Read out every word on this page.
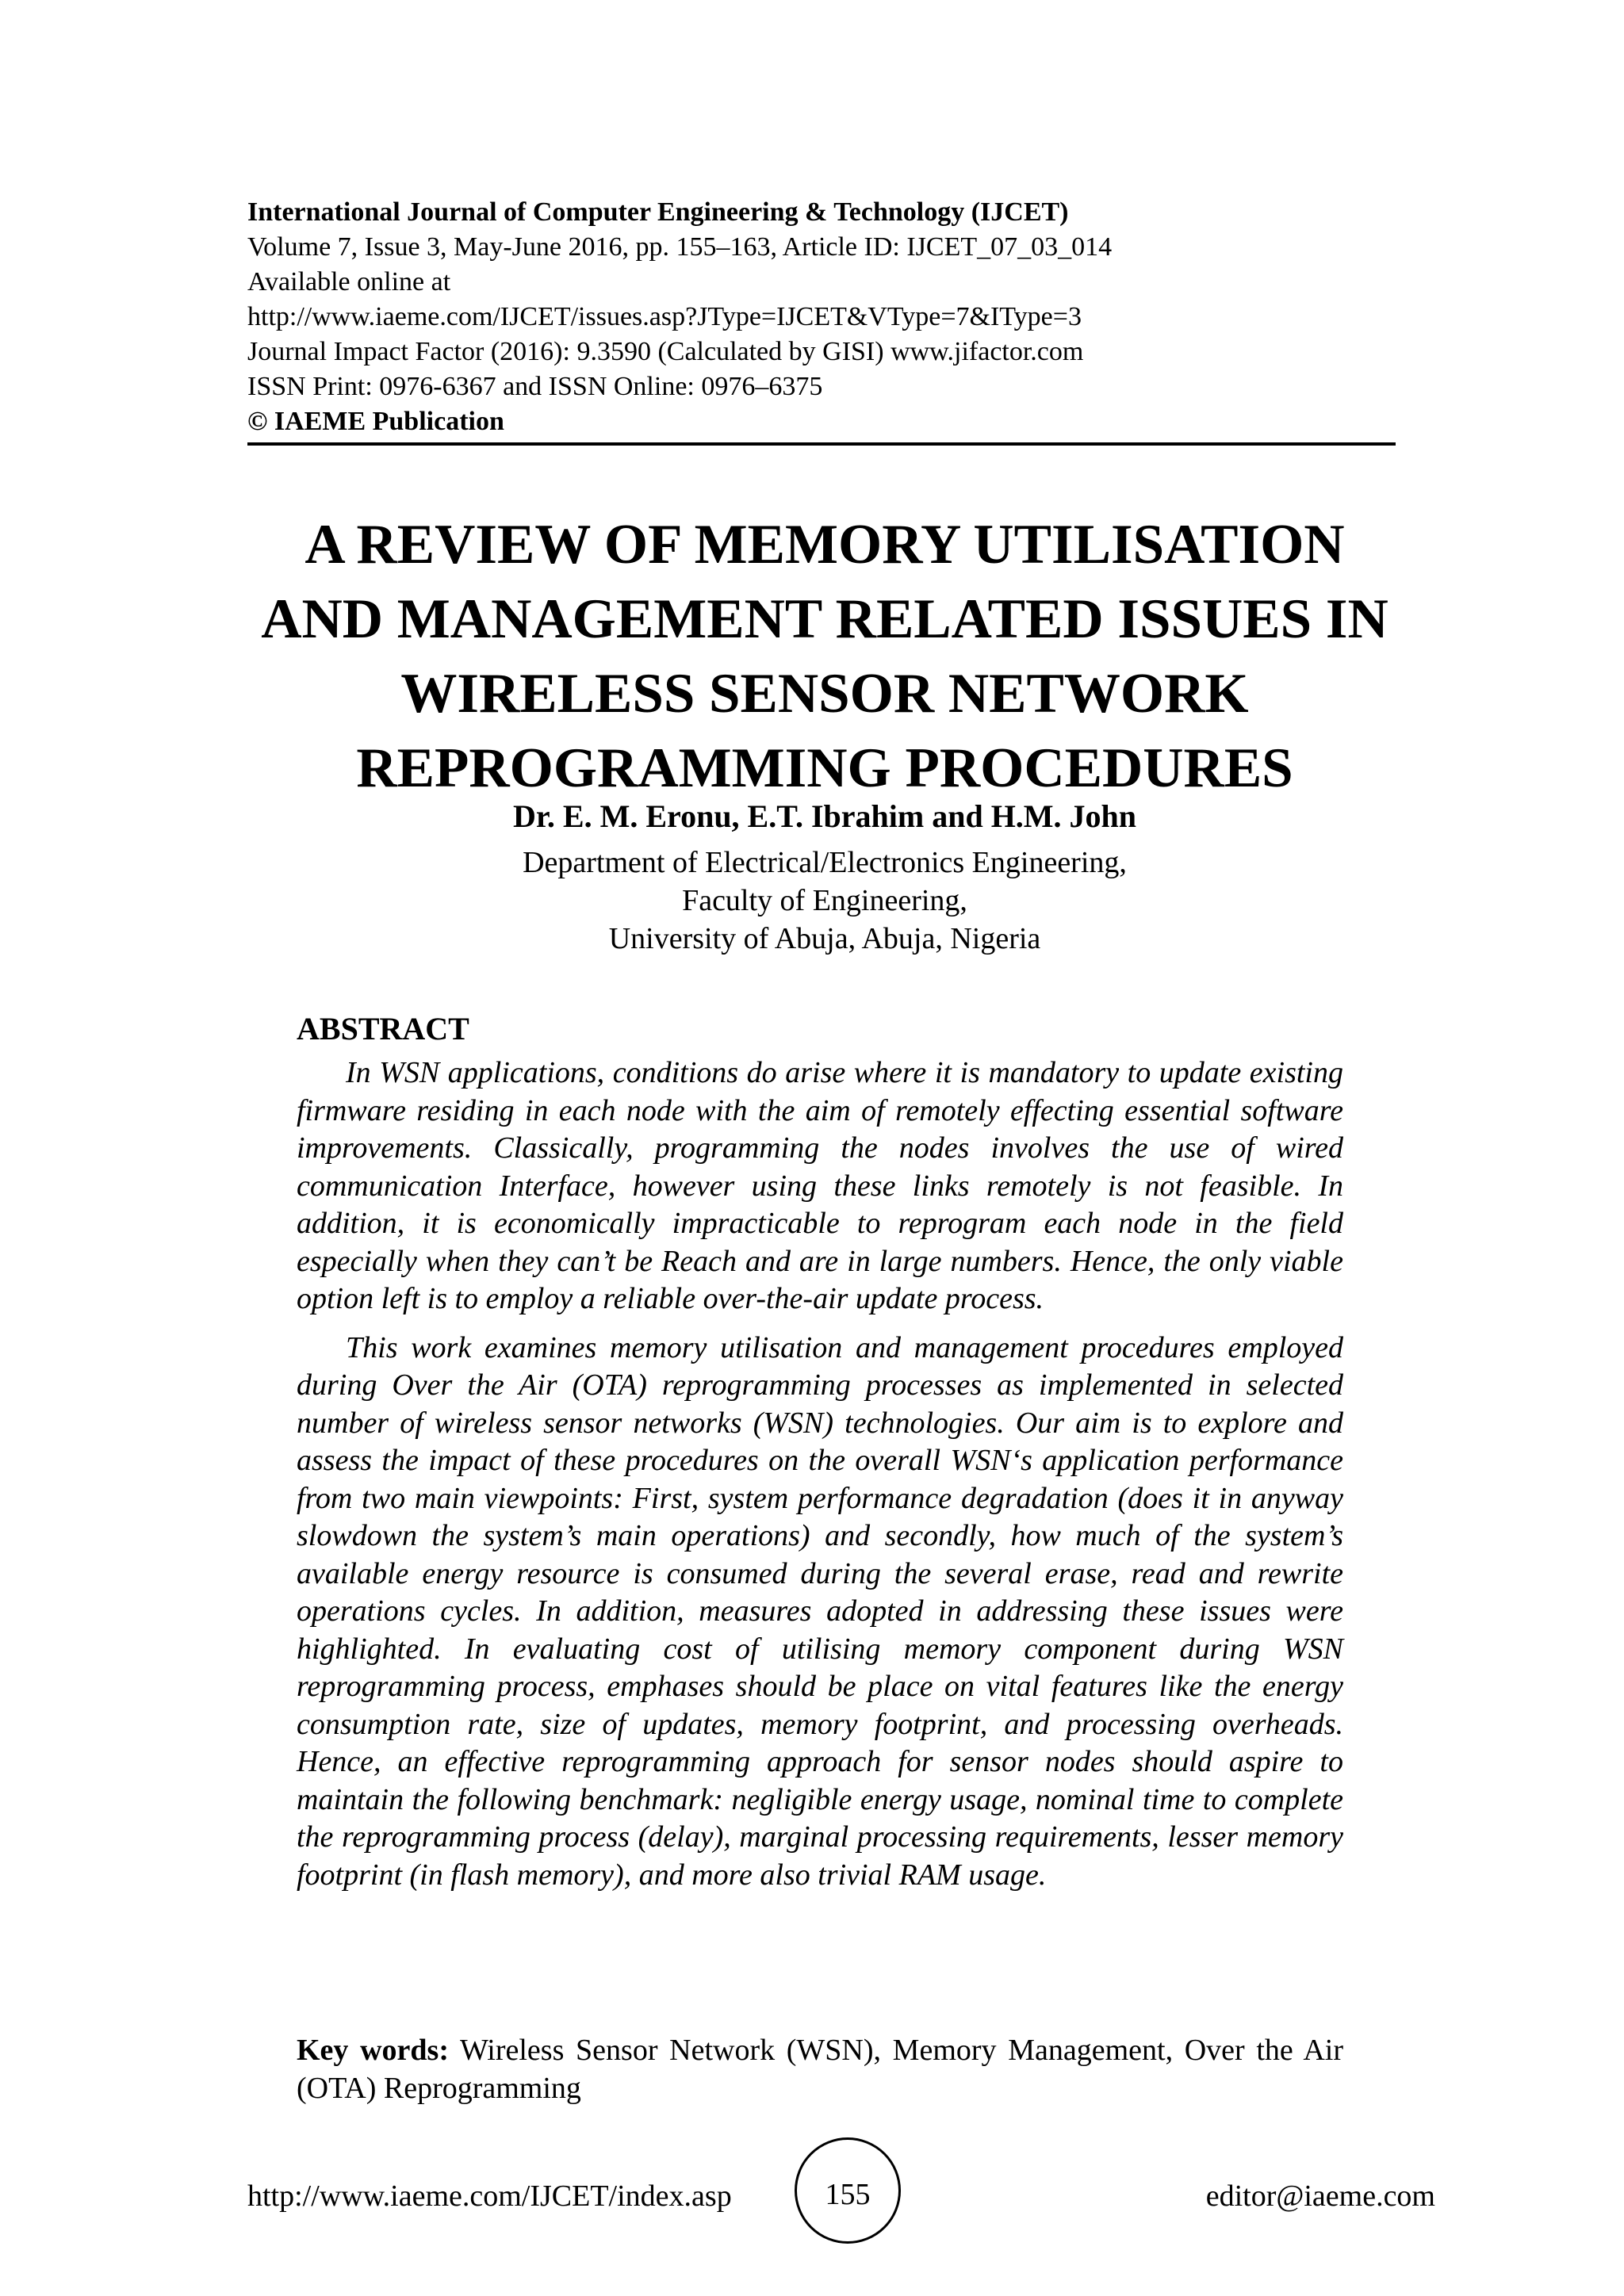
International Journal of Computer Engineering & Technology (IJCET)
Volume 7, Issue 3, May-June 2016, pp. 155–163, Article ID: IJCET_07_03_014
Available online at
http://www.iaeme.com/IJCET/issues.asp?JType=IJCET&VType=7&IType=3
Journal Impact Factor (2016): 9.3590 (Calculated by GISI) www.jifactor.com
ISSN Print: 0976-6367 and ISSN Online: 0976–6375
© IAEME Publication
A REVIEW OF MEMORY UTILISATION
AND MANAGEMENT RELATED ISSUES IN
WIRELESS SENSOR NETWORK
REPROGRAMMING PROCEDURES
Dr. E. M. Eronu, E.T. Ibrahim and H.M. John
Department of Electrical/Electronics Engineering,
Faculty of Engineering,
University of Abuja, Abuja, Nigeria
ABSTRACT

In WSN applications, conditions do arise where it is mandatory to update existing firmware residing in each node with the aim of remotely effecting essential software improvements. Classically, programming the nodes involves the use of wired communication Interface, however using these links remotely is not feasible. In addition, it is economically impracticable to reprogram each node in the field especially when they can’t be Reach and are in large numbers. Hence, the only viable option left is to employ a reliable over-the-air update process.

This work examines memory utilisation and management procedures employed during Over the Air (OTA) reprogramming processes as implemented in selected number of wireless sensor networks (WSN) technologies. Our aim is to explore and assess the impact of these procedures on the overall WSN‘s application performance from two main viewpoints: First, system performance degradation (does it in anyway slowdown the system’s main operations) and secondly, how much of the system’s available energy resource is consumed during the several erase, read and rewrite operations cycles. In addition, measures adopted in addressing these issues were highlighted. In evaluating cost of utilising memory component during WSN reprogramming process, emphases should be place on vital features like the energy consumption rate, size of updates, memory footprint, and processing overheads. Hence, an effective reprogramming approach for sensor nodes should aspire to maintain the following benchmark: negligible energy usage, nominal time to complete the reprogramming process (delay), marginal processing requirements, lesser memory footprint (in flash memory), and more also trivial RAM usage.

Key words: Wireless Sensor Network (WSN), Memory Management, Over the Air (OTA) Reprogramming
http://www.iaeme.com/IJCET/index.asp	155	editor@iaeme.com
